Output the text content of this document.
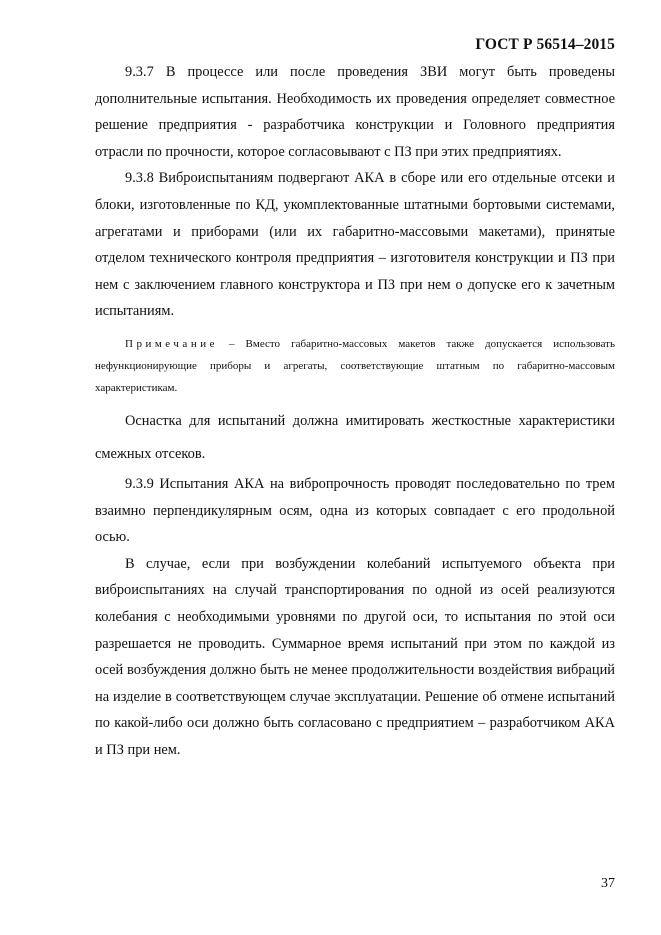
ГОСТ Р 56514–2015

9.3.7 В процессе или после проведения ЗВИ могут быть проведены дополнительные испытания. Необходимость их проведения определяет совместное решение предприятия - разработчика конструкции и Головного предприятия отрасли по прочности, которое согласовывают с ПЗ при этих предприятиях.

9.3.8 Виброиспытаниям подвергают АКА в сборе или его отдельные отсеки и блоки, изготовленные по КД, укомплектованные штатными бортовыми системами, агрегатами и приборами (или их габаритно-массовыми макетами), принятые отделом технического контроля предприятия – изготовителя конструкции и ПЗ при нем с заключением главного конструктора и ПЗ при нем о допуске его к зачетным испытаниям.

Примечание – Вместо габаритно-массовых макетов также допускается использовать нефункционирующие приборы и агрегаты, соответствующие штатным по габаритно-массовым характеристикам.

Оснастка для испытаний должна имитировать жесткостные характеристики смежных отсеков.

9.3.9 Испытания АКА на вибропрочность проводят последовательно по трем взаимно перпендикулярным осям, одна из которых совпадает с его продольной осью.

В случае, если при возбуждении колебаний испытуемого объекта при виброиспытаниях на случай транспортирования по одной из осей реализуются колебания с необходимыми уровнями по другой оси, то испытания по этой оси разрешается не проводить. Суммарное время испытаний при этом по каждой из осей возбуждения должно быть не менее продолжительности воздействия вибраций на изделие в соответствующем случае эксплуатации. Решение об отмене испытаний по какой-либо оси должно быть согласовано с предприятием – разработчиком АКА и ПЗ при нем.

37
